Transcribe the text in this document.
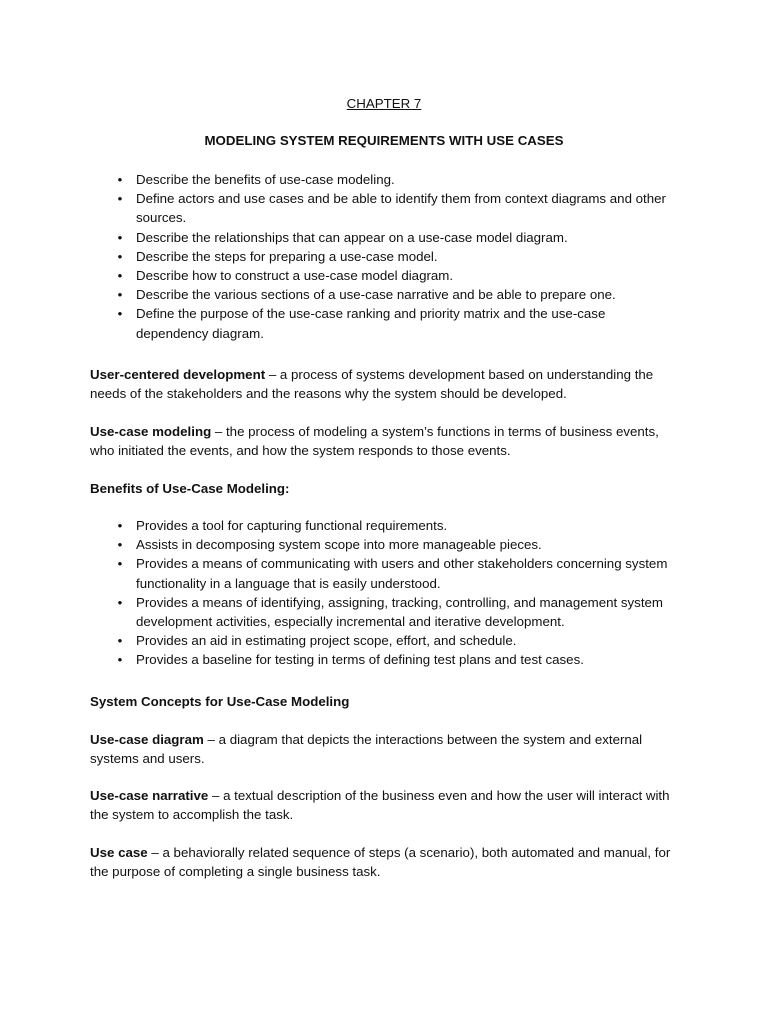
CHAPTER 7
MODELING SYSTEM REQUIREMENTS WITH USE CASES
• Describe the benefits of use-case modeling.
• Define actors and use cases and be able to identify them from context diagrams and other sources.
• Describe the relationships that can appear on a use-case model diagram.
• Describe the steps for preparing a use-case model.
• Describe how to construct a use-case model diagram.
• Describe the various sections of a use-case narrative and be able to prepare one.
• Define the purpose of the use-case ranking and priority matrix and the use-case dependency diagram.
User-centered development – a process of systems development based on understanding the needs of the stakeholders and the reasons why the system should be developed.
Use-case modeling – the process of modeling a system’s functions in terms of business events, who initiated the events, and how the system responds to those events.
Benefits of Use-Case Modeling:
• Provides a tool for capturing functional requirements.
• Assists in decomposing system scope into more manageable pieces.
• Provides a means of communicating with users and other stakeholders concerning system functionality in a language that is easily understood.
• Provides a means of identifying, assigning, tracking, controlling, and management system development activities, especially incremental and iterative development.
• Provides an aid in estimating project scope, effort, and schedule.
• Provides a baseline for testing in terms of defining test plans and test cases.
System Concepts for Use-Case Modeling
Use-case diagram – a diagram that depicts the interactions between the system and external systems and users.
Use-case narrative – a textual description of the business even and how the user will interact with the system to accomplish the task.
Use case – a behaviorally related sequence of steps (a scenario), both automated and manual, for the purpose of completing a single business task.
